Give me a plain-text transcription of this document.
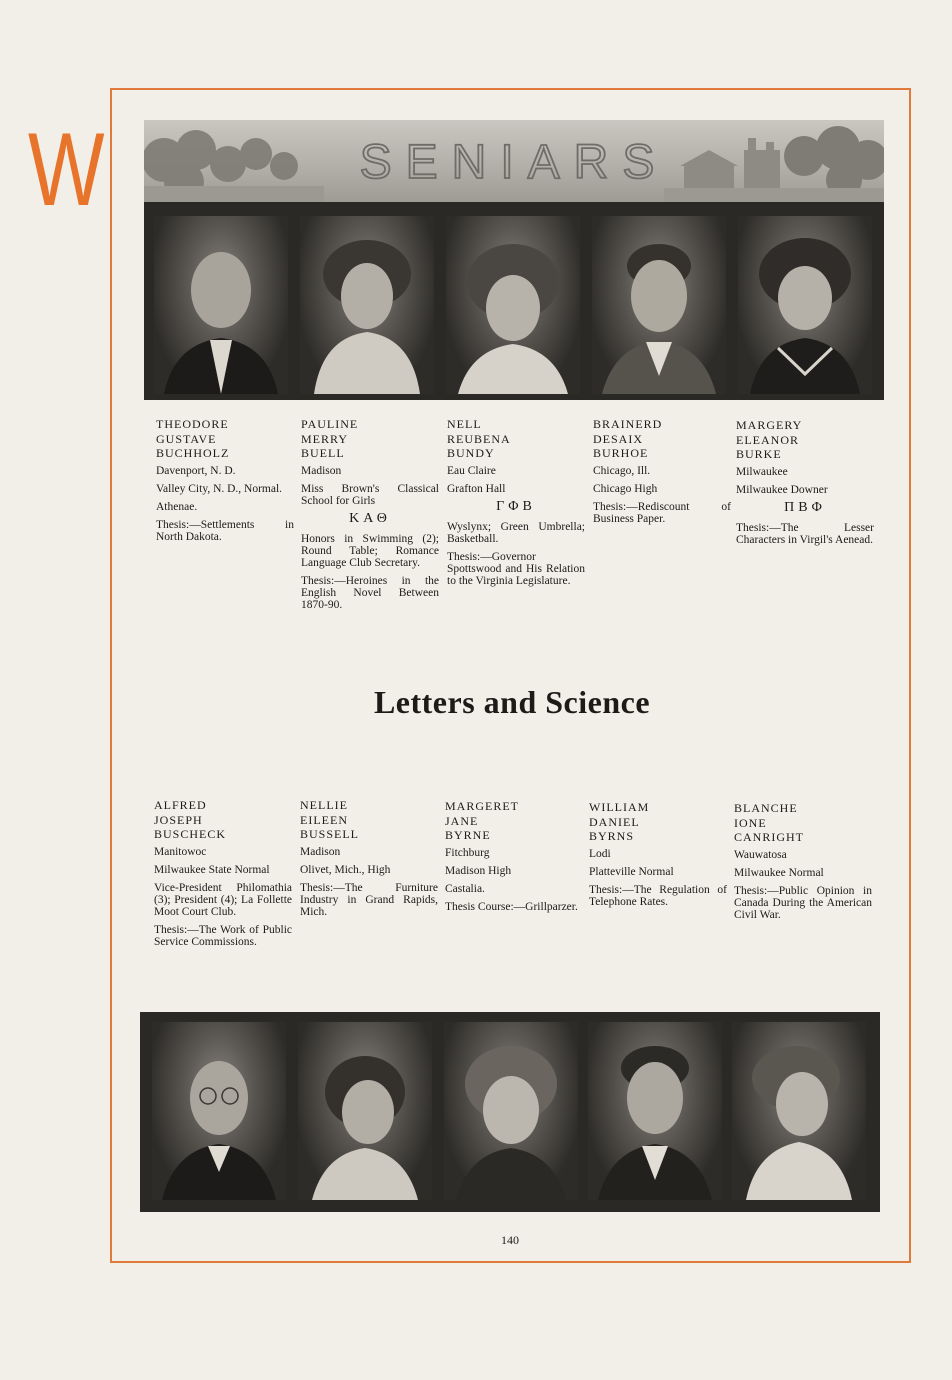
W	SENIARS
THEODORE
GUSTAVE
BUCHHOLZ

Davenport, N. D.

Valley City, N. D., Normal.

Athenae.

Thesis:—Settlements in North Dakota.

PAULINE
MERRY
BUELL

Madison

Miss Brown's Classical School for Girls

ΚΑΘ

Honors in Swimming (2); Round Table; Romance Language Club Secretary.

Thesis:—Heroines in the English Novel Between 1870-90.

NELL
REUBENA
BUNDY

Eau Claire

Grafton Hall

ΓΦΒ

Wyslynx; Green Umbrella; Basketball.

Thesis:—Governor Spottswood and His Relation to the Virginia Legislature.

BRAINERD
DESAIX
BURHOE

Chicago, Ill.

Chicago High

Thesis:—Rediscount of Business Paper.

MARGERY
ELEANOR
BURKE

Milwaukee

Milwaukee Downer

ΠΒΦ

Thesis:—The Lesser Characters in Virgil's Aenead.

Letters and Science
ALFRED
JOSEPH
BUSCHECK

Manitowoc

Milwaukee State Normal

Vice-President Philomathia (3); President (4); La Follette Moot Court Club.

Thesis:—The Work of Public Service Commissions.

NELLIE
EILEEN
BUSSELL

Madison

Olivet, Mich., High

Thesis:—The Furniture Industry in Grand Rapids, Mich.

MARGERET
JANE
BYRNE

Fitchburg

Madison High

Castalia.

Thesis Course:—Grillparzer.

WILLIAM
DANIEL
BYRNS

Lodi

Platteville Normal

Thesis:—The Regulation of Telephone Rates.

BLANCHE
IONE
CANRIGHT

Wauwatosa

Milwaukee Normal

Thesis:—Public Opinion in Canada During the American Civil War.

140
